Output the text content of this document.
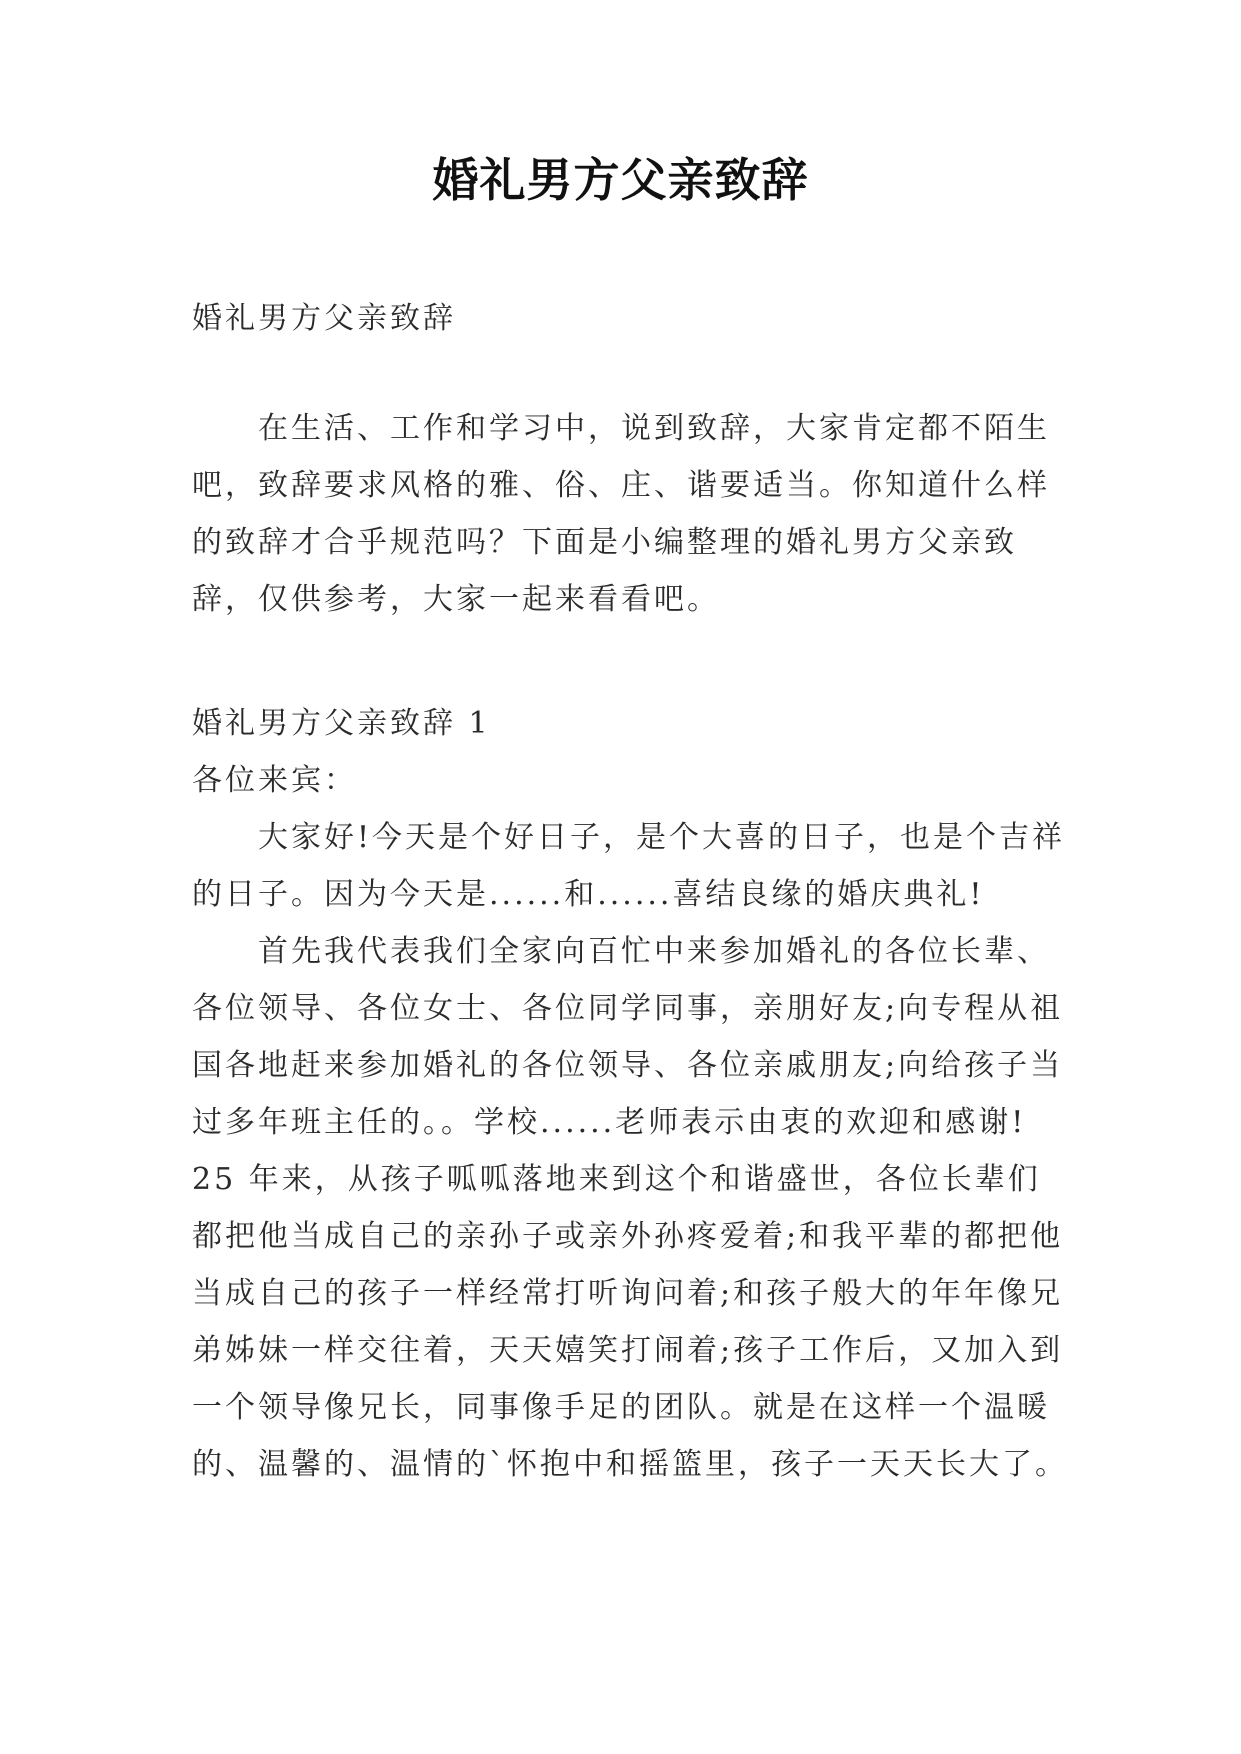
婚礼男方父亲致辞
婚礼男方父亲致辞
在生活、工作和学习中，说到致辞，大家肯定都不陌生吧，致辞要求风格的雅、俗、庄、谐要适当。你知道什么样的致辞才合乎规范吗？下面是小编整理的婚礼男方父亲致辞，仅供参考，大家一起来看看吧。
婚礼男方父亲致辞 1
各位来宾：
大家好!今天是个好日子，是个大喜的日子，也是个吉祥的日子。因为今天是......和......喜结良缘的婚庆典礼!
首先我代表我们全家向百忙中来参加婚礼的各位长辈、各位领导、各位女士、各位同学同事，亲朋好友;向专程从祖国各地赶来参加婚礼的各位领导、各位亲戚朋友;向给孩子当过多年班主任的。。学校......老师表示由衷的欢迎和感谢! 25 年来，从孩子呱呱落地来到这个和谐盛世，各位长辈们都把他当成自己的亲孙子或亲外孙疼爱着;和我平辈的都把他当成自己的孩子一样经常打听询问着;和孩子般大的年年像兄弟姊妹一样交往着，天天嬉笑打闹着;孩子工作后，又加入到一个领导像兄长，同事像手足的团队。就是在这样一个温暖的、温馨的、温情的`怀抱中和摇篮里，孩子一天天长大了。
